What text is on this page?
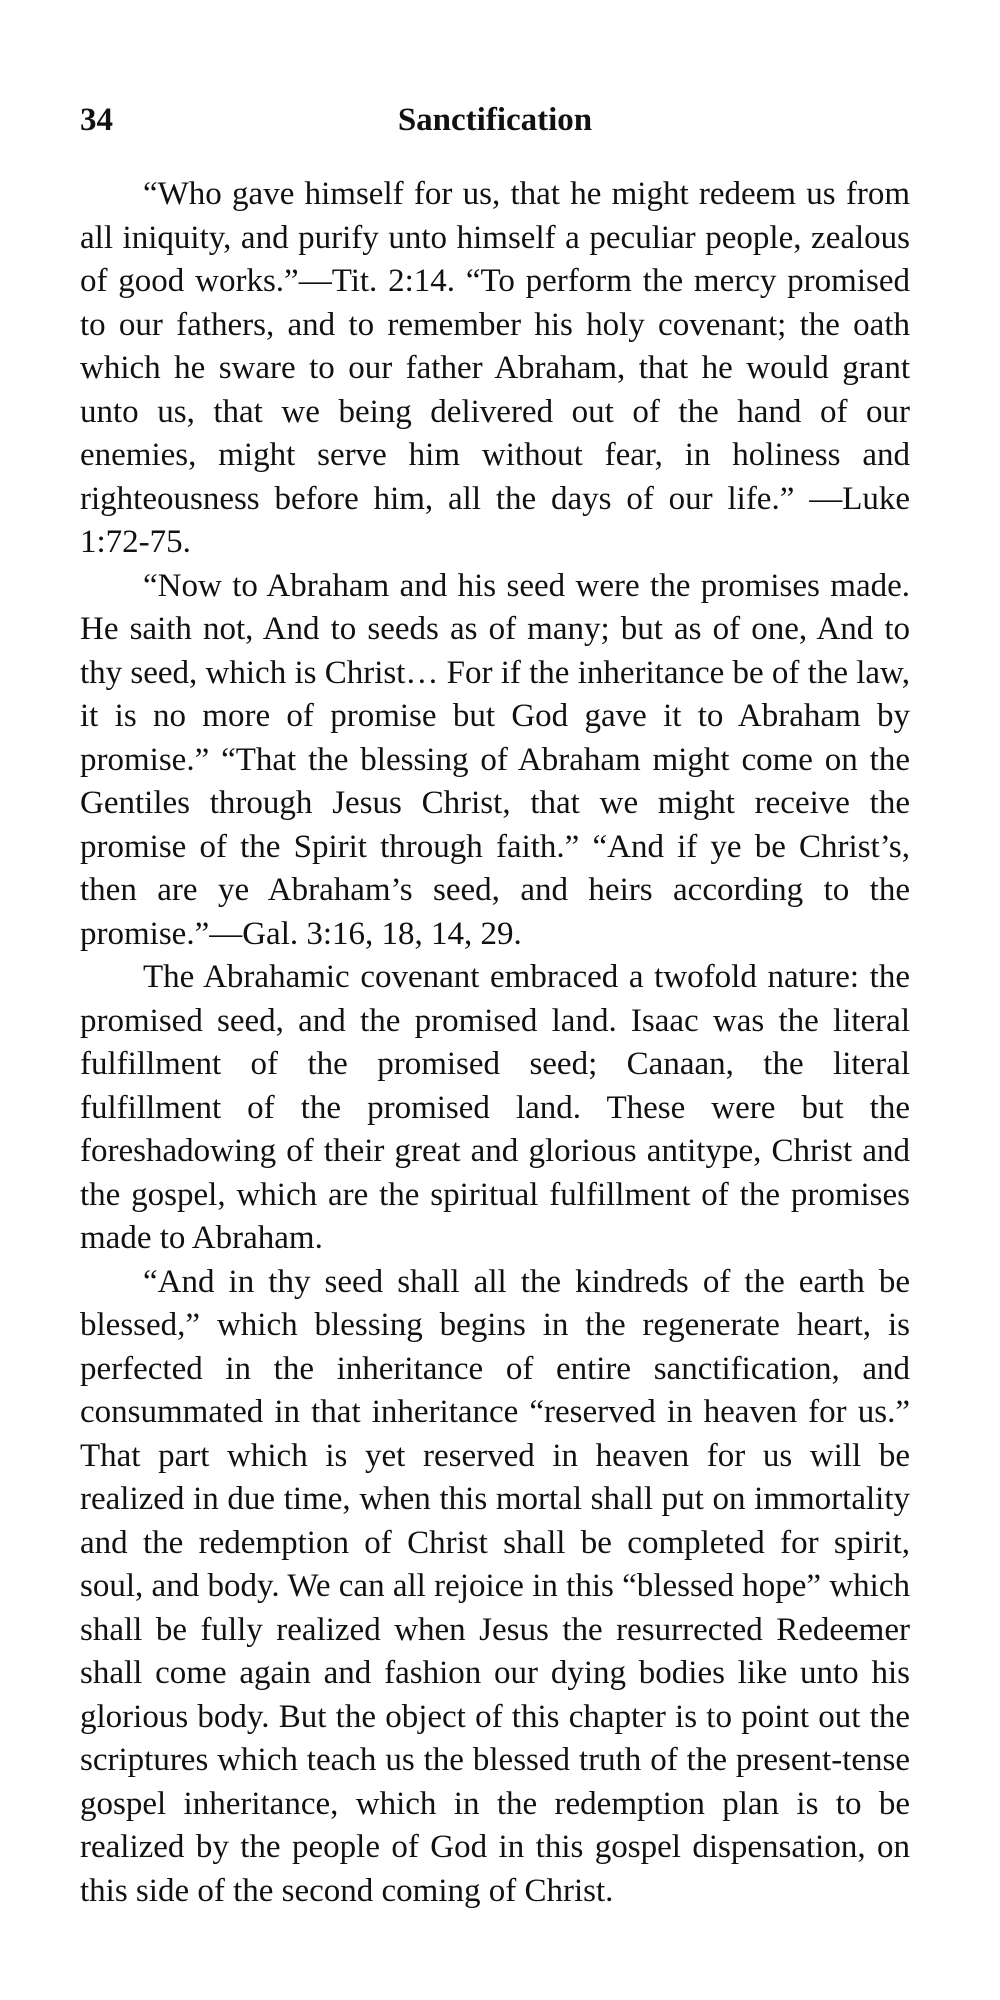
34	Sanctification

“Who gave himself for us, that he might redeem us from all iniquity, and purify unto himself a peculiar people, zealous of good works.”—Tit. 2:14. “To perform the mercy promised to our fathers, and to remember his holy covenant; the oath which he sware to our father Abraham, that he would grant unto us, that we being delivered out of the hand of our enemies, might serve him without fear, in holiness and righteousness before him, all the days of our life.” —Luke 1:72-75.

“Now to Abraham and his seed were the promises made. He saith not, And to seeds as of many; but as of one, And to thy seed, which is Christ… For if the inheritance be of the law, it is no more of promise but God gave it to Abraham by promise.” “That the blessing of Abraham might come on the Gentiles through Jesus Christ, that we might receive the promise of the Spirit through faith.” “And if ye be Christ’s, then are ye Abraham’s seed, and heirs according to the promise.”—Gal. 3:16, 18, 14, 29.

The Abrahamic covenant embraced a twofold nature: the promised seed, and the promised land. Isaac was the literal fulfillment of the promised seed; Canaan, the literal fulfillment of the promised land. These were but the foreshadowing of their great and glorious antitype, Christ and the gospel, which are the spiritual fulfillment of the promises made to Abraham.

“And in thy seed shall all the kindreds of the earth be blessed,” which blessing begins in the regenerate heart, is perfected in the inheritance of entire sanctification, and consummated in that inheritance “reserved in heaven for us.” That part which is yet reserved in heaven for us will be realized in due time, when this mortal shall put on immortality and the redemption of Christ shall be completed for spirit, soul, and body. We can all rejoice in this “blessed hope” which shall be fully realized when Jesus the resurrected Redeemer shall come again and fashion our dying bodies like unto his glorious body. But the object of this chapter is to point out the scriptures which teach us the blessed truth of the present-tense gospel inheritance, which in the redemption plan is to be realized by the people of God in this gospel dispensation, on this side of the second coming of Christ.
